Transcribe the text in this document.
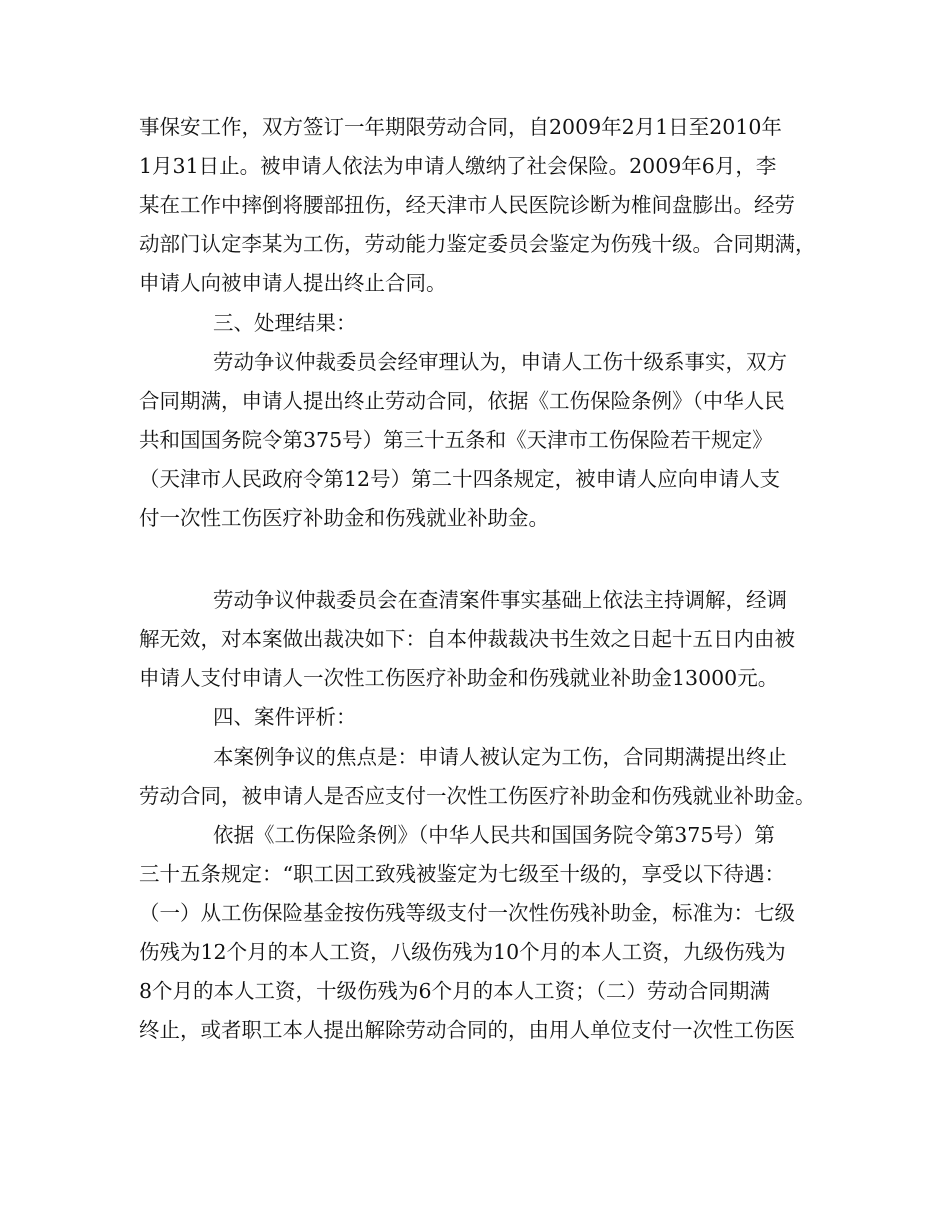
事保安工作，双方签订一年期限劳动合同，自2009年2月1日至2010年
1月31日止。被申请人依法为申请人缴纳了社会保险。2009年6月，李
某在工作中摔倒将腰部扭伤，经天津市人民医院诊断为椎间盘膨出。经劳
动部门认定李某为工伤，劳动能力鉴定委员会鉴定为伤残十级。合同期满，
申请人向被申请人提出终止合同。
三、处理结果：
劳动争议仲裁委员会经审理认为，申请人工伤十级系事实，双方
合同期满，申请人提出终止劳动合同，依据《工伤保险条例》（中华人民
共和国国务院令第375号）第三十五条和《天津市工伤保险若干规定》
（天津市人民政府令第12号）第二十四条规定，被申请人应向申请人支
付一次性工伤医疗补助金和伤残就业补助金。
劳动争议仲裁委员会在查清案件事实基础上依法主持调解，经调
解无效，对本案做出裁决如下：自本仲裁裁决书生效之日起十五日内由被
申请人支付申请人一次性工伤医疗补助金和伤残就业补助金13000元。
四、案件评析：
本案例争议的焦点是：申请人被认定为工伤，合同期满提出终止
劳动合同，被申请人是否应支付一次性工伤医疗补助金和伤残就业补助金。
依据《工伤保险条例》（中华人民共和国国务院令第375号）第
三十五条规定：“职工因工致残被鉴定为七级至十级的，享受以下待遇：
（一）从工伤保险基金按伤残等级支付一次性伤残补助金，标准为：七级
伤残为12个月的本人工资，八级伤残为10个月的本人工资，九级伤残为
8个月的本人工资，十级伤残为6个月的本人工资；（二）劳动合同期满
终止，或者职工本人提出解除劳动合同的，由用人单位支付一次性工伤医
